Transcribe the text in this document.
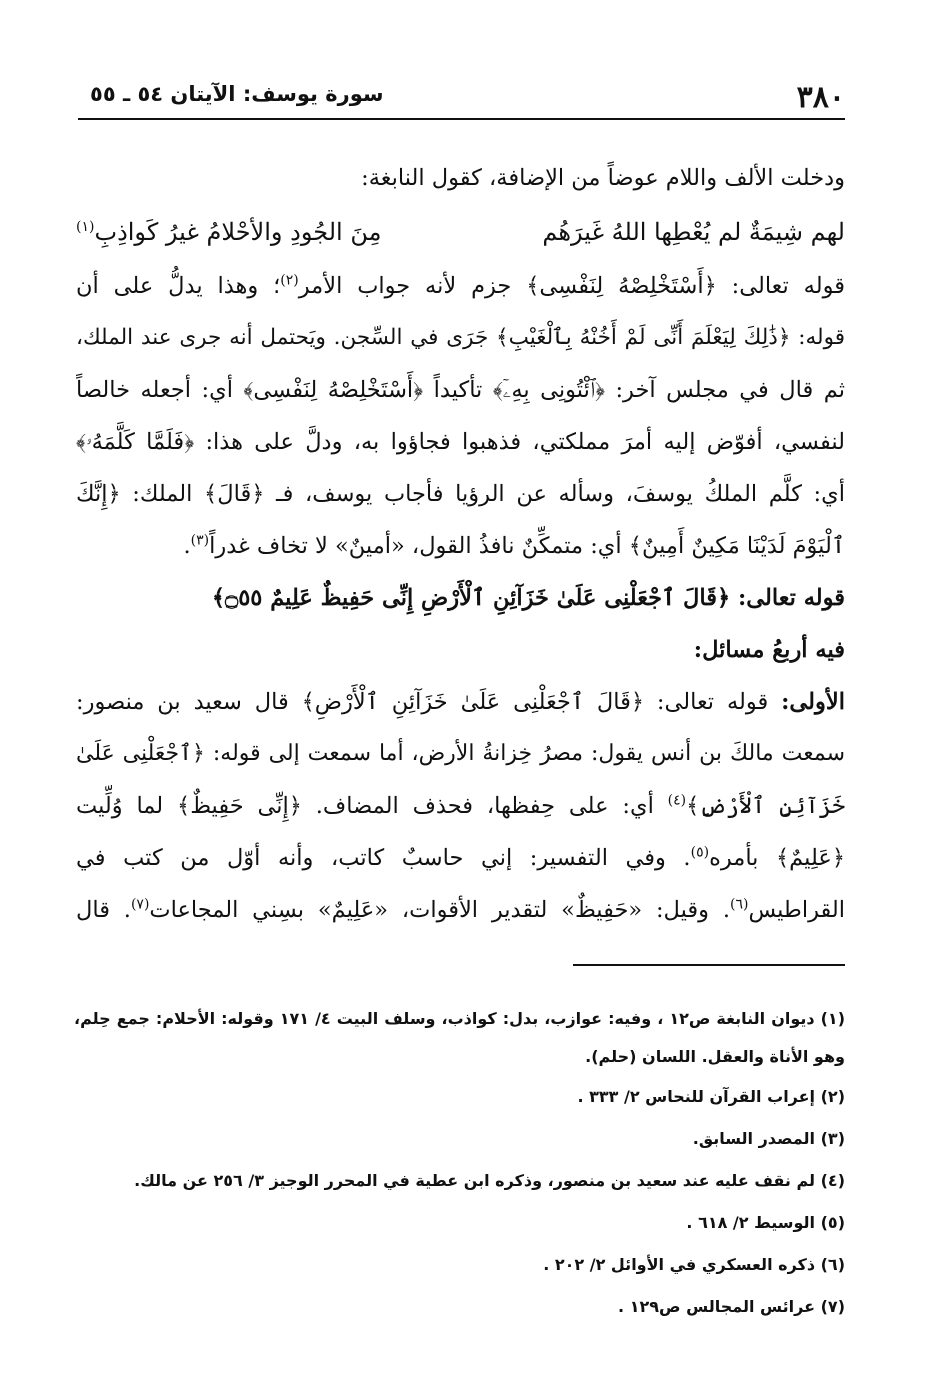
٣٨٠
سورة يوسف: الآيتان ٥٤ ـ ٥٥
ودخلت الألف واللام عوضاً من الإضافة، كقول النابغة:
لهم شِيمَةٌ لم يُعْطِها اللهُ غَيرَهُم
مِنَ الجُودِ والأحْلامُ غيرُ كَواذِبِ$^{(١)}$
قوله تعالى: ﴿أَسْتَخْلِصْهُ لِنَفْسِى﴾ جزم لأنه جواب الأمر$^{(٢)}$؛ وهذا يدلُّ على أن
قوله: ﴿ذَٰلِكَ لِيَعْلَمَ أَنِّى لَمْ أَخُنْهُ بِٱلْغَيْبِ﴾ جَرَى في السِّجن. ويَحتمل أنه جرى عند الملك،
ثم قال في مجلس آخر: ﴿ٱئْتُونِى بِهِۦٓ﴾ تأكيداً ﴿أَسْتَخْلِصْهُ لِنَفْسِى﴾ أي: أجعله خالصاً
لنفسي، أفوّض إليه أمرَ مملكتي، فذهبوا فجاؤوا به، ودلَّ على هذا: ﴿فَلَمَّا كَلَّمَهُۥ﴾
أي: كلَّم الملكُ يوسفَ، وسأله عن الرؤيا فأجاب يوسف، فـ ﴿قَالَ﴾ الملك: ﴿إِنَّكَ
ٱلْيَوْمَ لَدَيْنَا مَكِينٌ أَمِينٌ﴾ أي: متمكِّنٌ نافذُ القول، «أمينٌ» لا تخاف غدراً$^{(٣)}$.
قوله تعالى: ﴿قَالَ ٱجْعَلْنِى عَلَىٰ خَزَآئِنِ ٱلْأَرْضِ إِنِّى حَفِيظٌ عَلِيمٌ ۝٥٥﴾
فيه أربعُ مسائل:
الأولى: قوله تعالى: ﴿قَالَ ٱجْعَلْنِى عَلَىٰ خَزَآئِنِ ٱلْأَرْضِ﴾ قال سعيد بن منصور:
سمعت مالكَ بن أنس يقول: مصرُ خِزانةُ الأرض، أما سمعت إلى قوله: ﴿ٱجْعَلْنِى عَلَىٰ
خَزَآئِنِ ٱلْأَرْضِ﴾$^{(٤)}$ أي: على حِفظها، فحذف المضاف. ﴿إِنِّى حَفِيظٌ﴾ لما وُلِّيت
﴿عَلِيمٌ﴾ بأمره$^{(٥)}$. وفي التفسير: إني حاسبٌ كاتب، وأنه أوّل من كتب في
القراطيس$^{(٦)}$. وقيل: «حَفِيظٌ» لتقدير الأقوات، «عَلِيمٌ» بسِني المجاعات$^{(٧)}$. قال
(١) ديوان النابغة ص١٢ ، وفيه: عوازب، بدل: كواذب، وسلف البيت ٤/ ١٧١ وقوله: الأحلام: جمع حِلم، وهو الأناة والعقل. اللسان (حلم).
(٢) إعراب القرآن للنحاس ٢/ ٣٣٣ .
(٣) المصدر السابق.
(٤) لم نقف عليه عند سعيد بن منصور، وذكره ابن عطية في المحرر الوجيز ٣/ ٢٥٦ عن مالك.
(٥) الوسيط ٢/ ٦١٨ .
(٦) ذكره العسكري في الأوائل ٢/ ٢٠٢ .
(٧) عرائس المجالس ص١٢٩ .
